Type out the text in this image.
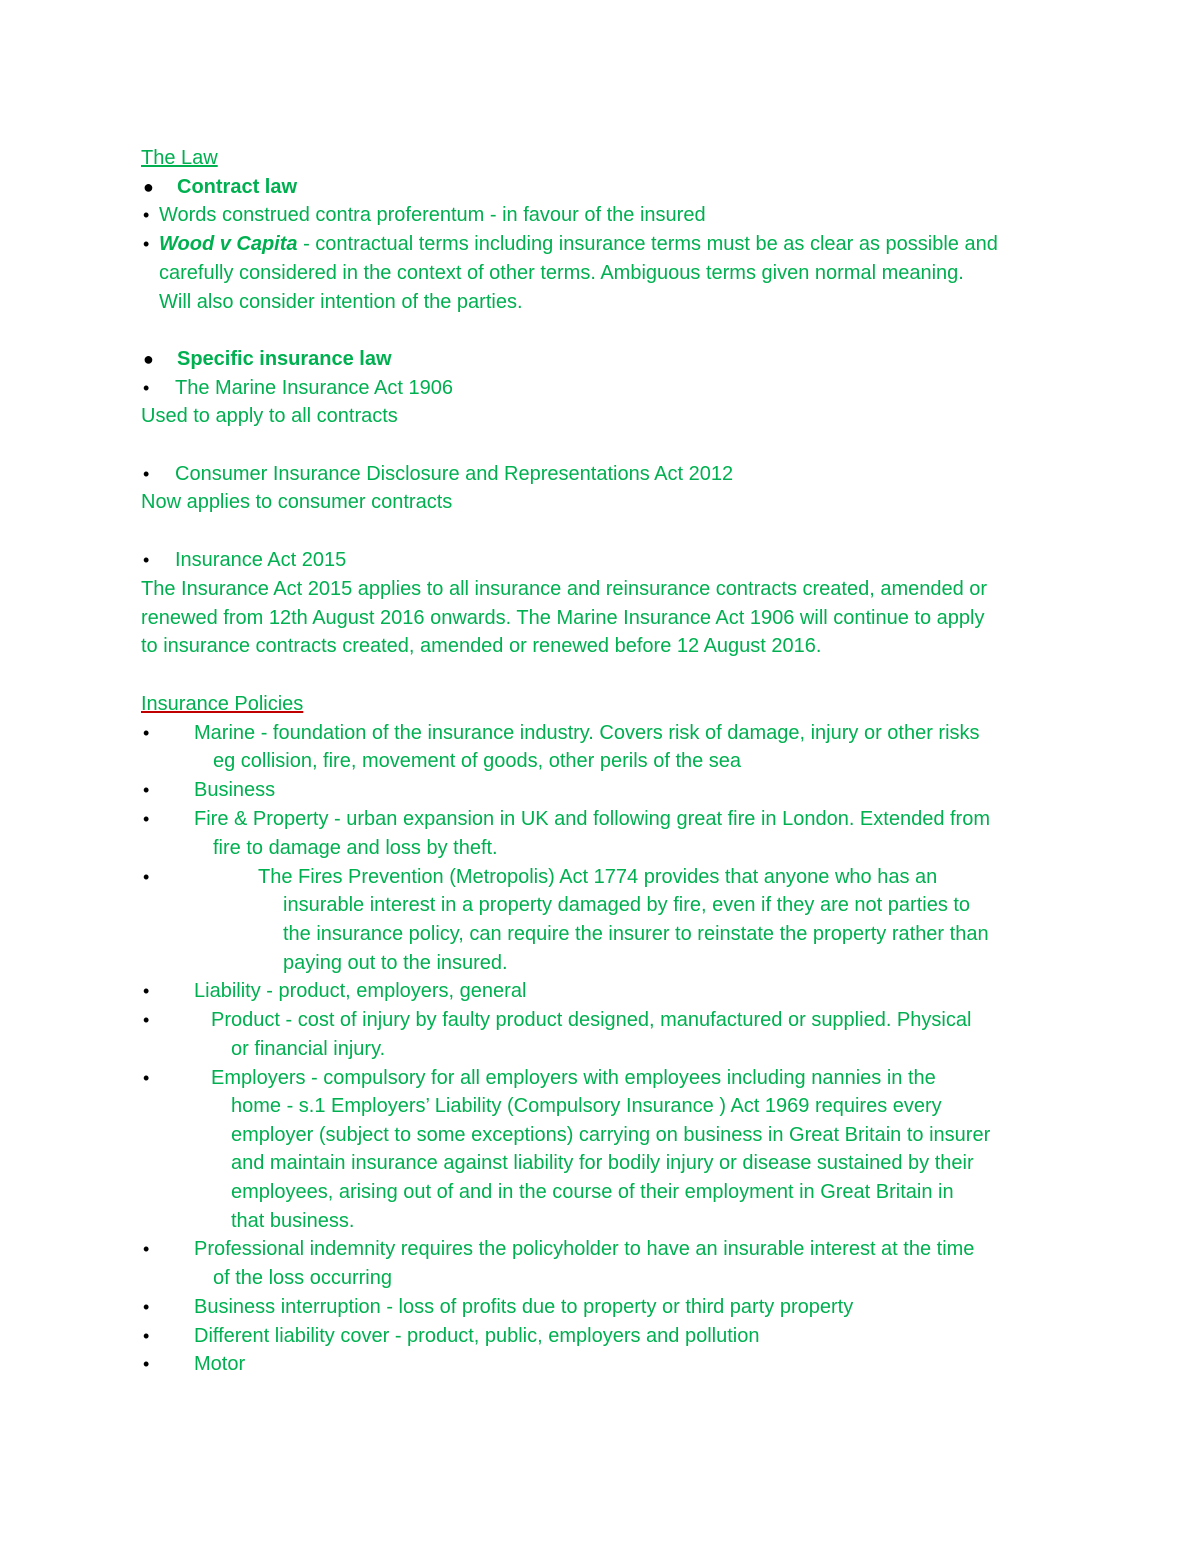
The Law
● Contract law
• Words construed contra proferentum - in favour of the insured
• Wood v Capita - contractual terms including insurance terms must be as clear as possible and
carefully considered in the context of other terms. Ambiguous terms given normal meaning.
Will also consider intention of the parties.
● Specific insurance law
• The Marine Insurance Act 1906
Used to apply to all contracts
• Consumer Insurance Disclosure and Representations Act 2012
Now applies to consumer contracts
• Insurance Act 2015
The Insurance Act 2015 applies to all insurance and reinsurance contracts created, amended or
renewed from 12th August 2016 onwards. The Marine Insurance Act 1906 will continue to apply
to insurance contracts created, amended or renewed before 12 August 2016.
Insurance Policies
• Marine - foundation of the insurance industry. Covers risk of damage, injury or other risks
eg collision, fire, movement of goods, other perils of the sea
• Business
• Fire & Property - urban expansion in UK and following great fire in London. Extended from
fire to damage and loss by theft.
•	The Fires Prevention (Metropolis) Act 1774 provides that anyone who has an
insurable interest in a property damaged by fire, even if they are not parties to
the insurance policy, can require the insurer to reinstate the property rather than
paying out to the insured.
• Liability - product, employers, general
•	Product - cost of injury by faulty product designed, manufactured or supplied. Physical
or financial injury.
•	Employers - compulsory for all employers with employees including nannies in the
home - s.1 Employers’ Liability (Compulsory Insurance ) Act 1969 requires every
employer (subject to some exceptions) carrying on business in Great Britain to insurer
and maintain insurance against liability for bodily injury or disease sustained by their
employees, arising out of and in the course of their employment in Great Britain in
that business.
• Professional indemnity requires the policyholder to have an insurable interest at the time
of the loss occurring
• Business interruption - loss of profits due to property or third party property
• Different liability cover - product, public, employers and pollution
• Motor
